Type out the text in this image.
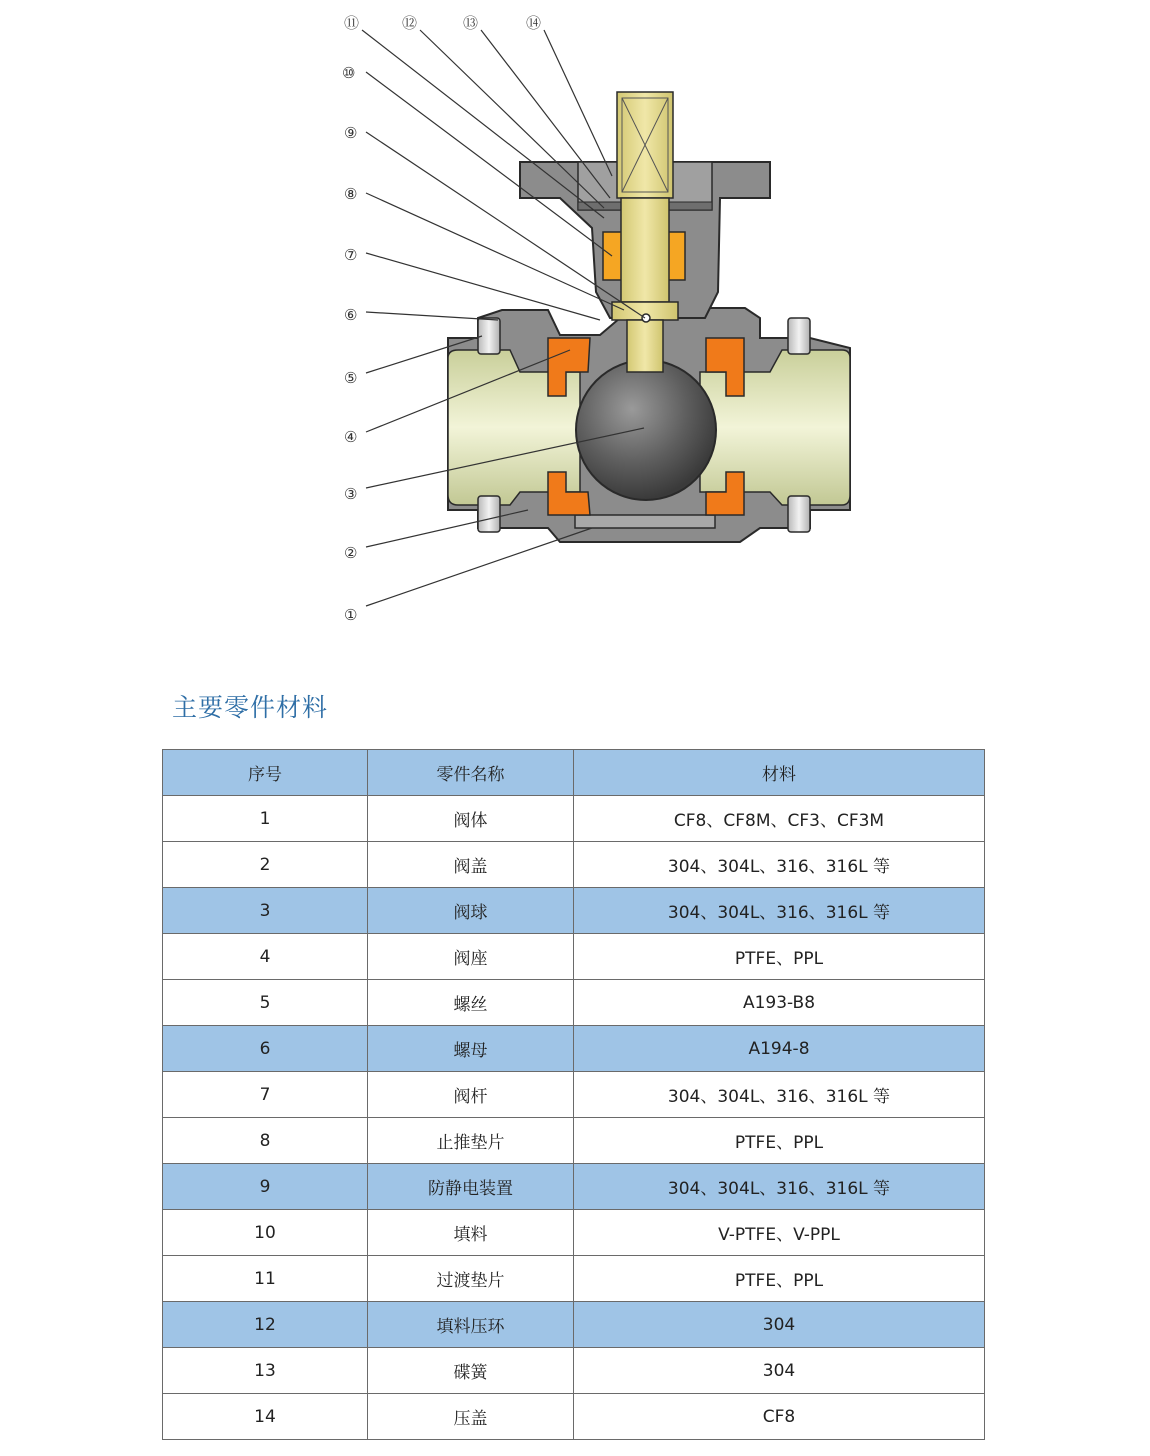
①
②
③
④
⑤
⑥
⑦
⑧
⑨
⑩
⑪	⑫	⑬	⑭
主要零件材料
序号	零件名称	材料
1	阀体	CF8、CF8M、CF3、CF3M
2	阀盖	304、304L、316、316L 等
3	阀球	304、304L、316、316L 等
4	阀座	PTFE、PPL
5	螺丝	A193-B8
6	螺母	A194-8
7	阀杆	304、304L、316、316L 等
8	止推垫片	PTFE、PPL
9	防静电装置	304、304L、316、316L 等
10	填料	V-PTFE、V-PPL
11	过渡垫片	PTFE、PPL
12	填料压环	304
13	碟簧	304
14	压盖	CF8
